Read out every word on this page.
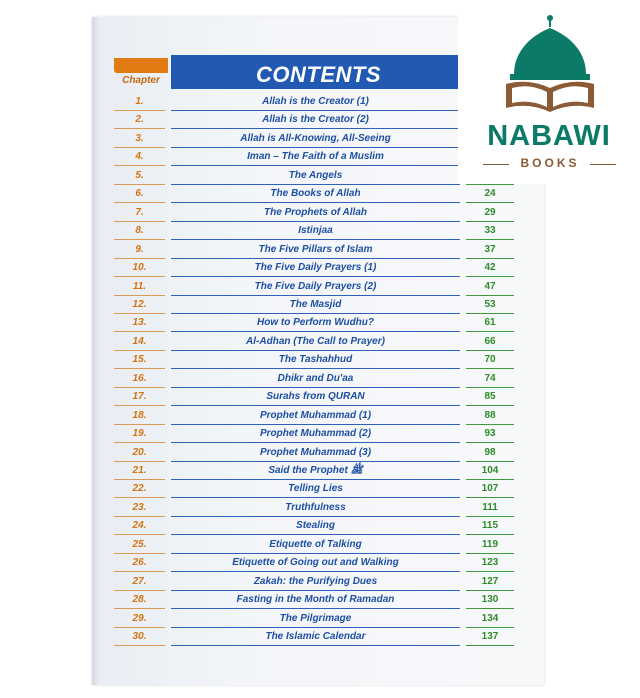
Chapter	CONTENTS
1.	Allah is the Creator (1)
2.	Allah is the Creator (2)
3.	Allah is All-Knowing, All-Seeing
4.	Iman – The Faith of a Muslim
5.	The Angels
6.	The Books of Allah	24
7.	The Prophets of Allah	29
8.	Istinjaa	33
9.	The Five Pillars of Islam	37
10.	The Five Daily Prayers (1)	42
11.	The Five Daily Prayers (2)	47
12.	The Masjid	53
13.	How to Perform Wudhu?	61
14.	Al-Adhan (The Call to Prayer)	66
15.	The Tashahhud	70
16.	Dhikr and Du'aa	74
17.	Surahs from QURAN	85
18.	Prophet Muhammad (1)	88
19.	Prophet Muhammad (2)	93
20.	Prophet Muhammad (3)	98
21.	Said the Prophet ﷺ	104
22.	Telling Lies	107
23.	Truthfulness	111
24.	Stealing	115
25.	Etiquette of Talking	119
26.	Etiquette of Going out and Walking	123
27.	Zakah: the Purifying Dues	127
28.	Fasting in the Month of Ramadan	130
29.	The Pilgrimage	134
30.	The Islamic Calendar	137
NABAWI
BOOKS
